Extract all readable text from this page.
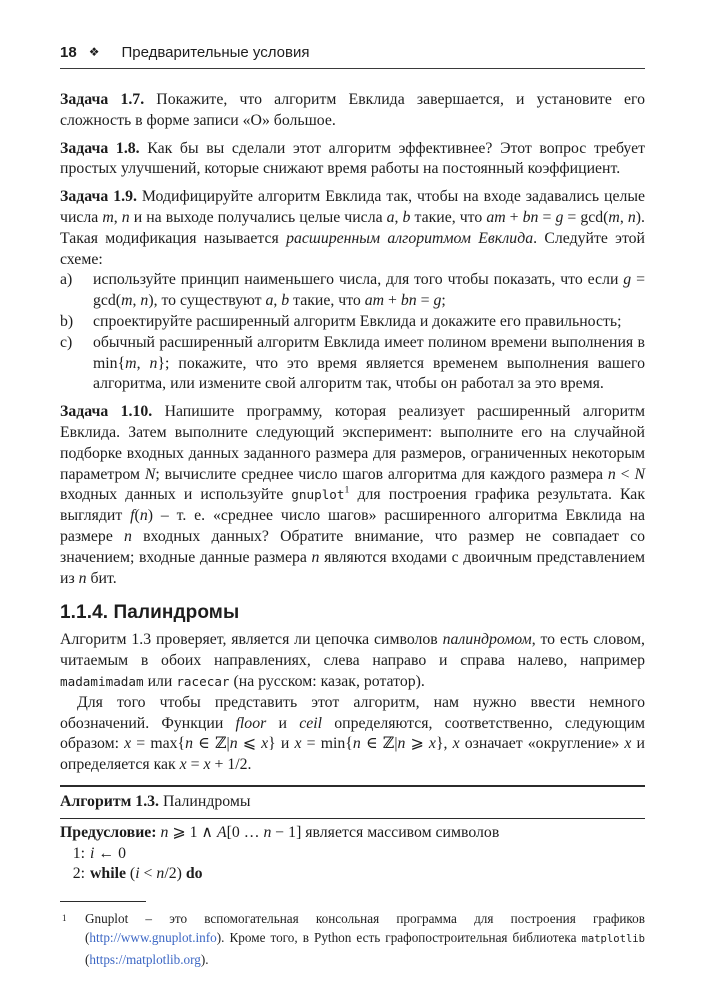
18 ❖ Предварительные условия

Задача 1.7. Покажите, что алгоритм Евклида завершается, и установите его сложность в форме записи «О» большое.

Задача 1.8. Как бы вы сделали этот алгоритм эффективнее? Этот вопрос требует простых улучшений, которые снижают время работы на постоянный коэффициент.

Задача 1.9. Модифицируйте алгоритм Евклида так, чтобы на входе задавались целые числа m, n и на выходе получались целые числа a, b такие, что am + bn = g = gcd(m, n). Такая модификация называется расширенным алгоритмом Евклида. Следуйте этой схеме:

a)	используйте принцип наименьшего числа, для того чтобы показать, что если g = gcd(m, n), то существуют a, b такие, что am + bn = g;
b)	спроектируйте расширенный алгоритм Евклида и докажите его правильность;
c)	обычный расширенный алгоритм Евклида имеет полином времени выполнения в min{m, n}; покажите, что это время является временем выполнения вашего алгоритма, или измените свой алгоритм так, чтобы он работал за это время.

Задача 1.10. Напишите программу, которая реализует расширенный алгоритм Евклида. Затем выполните следующий эксперимент: выполните его на случайной подборке входных данных заданного размера для размеров, ограниченных некоторым параметром N; вычислите среднее число шагов алгоритма для каждого размера n < N входных данных и используйте gnuplot$^1$ для построения графика результата. Как выглядит f(n) – т. е. «среднее число шагов» расширенного алгоритма Евклида на размере n входных данных? Обратите внимание, что размер не совпадает со значением; входные данные размера n являются входами с двоичным представлением из n бит.

1.1.4. Палиндромы

Алгоритм 1.3 проверяет, является ли цепочка символов палиндромом, то есть словом, читаемым в обоих направлениях, слева направо и справа налево, например madamimadam или racecar (на русском: казак, ротатор).

Для того чтобы представить этот алгоритм, нам нужно ввести немного обозначений. Функции floor и ceil определяются, соответственно, следующим образом: x = max{n ∈ ℤ|n ⩽ x} и x = min{n ∈ ℤ|n ⩾ x}, x означает «округление» x и определяется как x = x + 1/2.

Алгоритм 1.3. Палиндромы
Предусловие: n ⩾ 1 ∧ A[0 … n − 1] является массивом символов
1: i ← 0
2: while (i < n/2) do
1 Gnuplot – это вспомогательная консольная программа для построения графиков (http://www.gnuplot.info). Кроме того, в Python есть графопостроительная библиотека matplotlib (https://matplotlib.org).
